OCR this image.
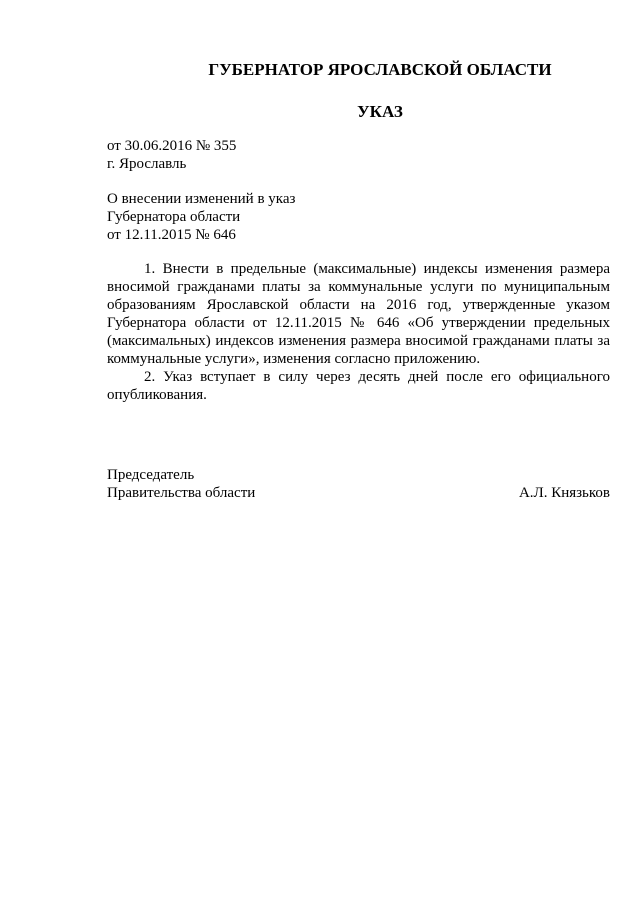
ГУБЕРНАТОР ЯРОСЛАВСКОЙ ОБЛАСТИ
УКАЗ
от 30.06.2016 № 355
г. Ярославль
О внесении изменений в указ
Губернатора области
от 12.11.2015 № 646

1. Внести в предельные (максимальные) индексы изменения размера вносимой гражданами платы за коммунальные услуги по муниципальным образованиям Ярославской области на 2016 год, утвержденные указом Губернатора области от 12.11.2015 № 646 «Об утверждении предельных (максимальных) индексов изменения размера вносимой гражданами платы за коммунальные услуги», изменения согласно приложению.

2. Указ вступает в силу через десять дней после его официального опубликования.

Председатель
Правительства области	А.Л. Князьков
